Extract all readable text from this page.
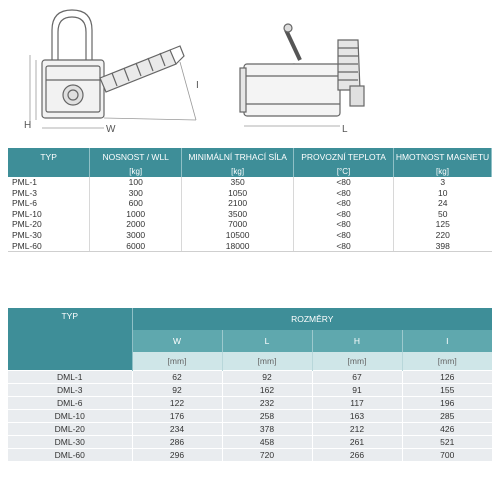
H	W
I
L
TYP	NOSNOST / WLL	MINIMÁLNÍ TRHACÍ SÍLA	PROVOZNÍ TEPLOTA	HMOTNOST MAGNETU
	[kg]	[kg]	[°C]	[kg]
PML-1	100	350	<80	3
PML-3	300	1050	<80	10
PML-6	600	2100	<80	24
PML-10	1000	3500	<80	50
PML-20	2000	7000	<80	125
PML-30	3000	10500	<80	220
PML-60	6000	18000	<80	398
TYP	ROZMĚRY			
	W	L	H	I
	[mm]	[mm]	[mm]	[mm]
DML-1	62	92	67	126
DML-3	92	162	91	155
DML-6	122	232	117	196
DML-10	176	258	163	285
DML-20	234	378	212	426
DML-30	286	458	261	521
DML-60	296	720	266	700
